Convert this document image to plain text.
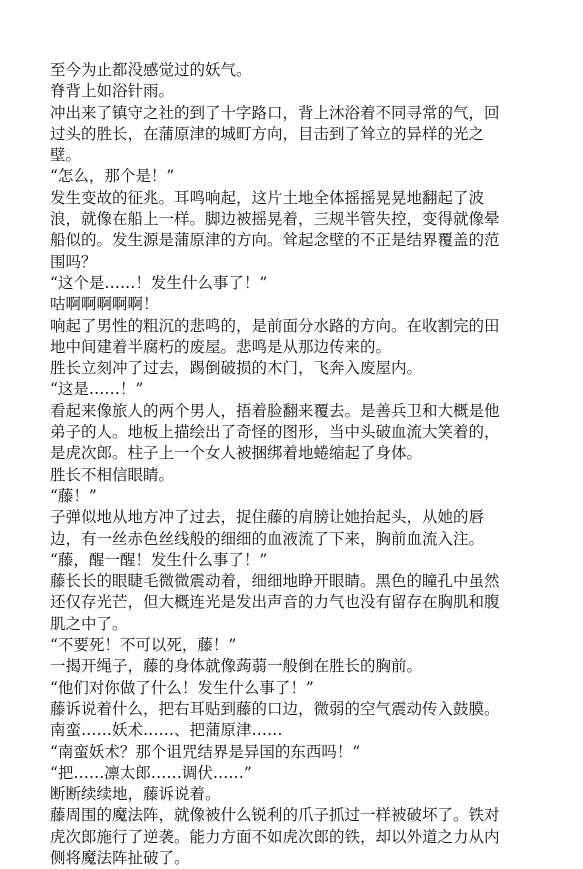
至今为止都没感觉过的妖气。
脊背上如浴针雨。
冲出来了镇守之社的到了十字路口，背上沐浴着不同寻常的气，回
过头的胜长，在蒲原津的城町方向，目击到了耸立的异样的光之
壁。
“怎么，那个是！”
发生变故的征兆。耳鸣响起，这片土地全体摇摇晃晃地翻起了波
浪，就像在船上一样。脚边被摇晃着，三规半管失控，变得就像晕
船似的。发生源是蒲原津的方向。耸起念壁的不正是结界覆盖的范
围吗？
“这个是……！发生什么事了！”
咕啊啊啊啊啊！
响起了男性的粗沉的悲鸣的，是前面分水路的方向。在收割完的田
地中间建着半腐朽的废屋。悲鸣是从那边传来的。
胜长立刻冲了过去，踢倒破损的木门，飞奔入废屋内。
“这是……！”
看起来像旅人的两个男人，捂着脸翻来覆去。是善兵卫和大概是他
弟子的人。地板上描绘出了奇怪的图形，当中头破血流大笑着的，
是虎次郎。柱子上一个女人被捆绑着地蜷缩起了身体。
胜长不相信眼睛。
“藤！”
子弹似地从地方冲了过去，捉住藤的肩膀让她抬起头，从她的唇
边，有一丝赤色丝线般的细细的血液流了下来，胸前血流入注。
“藤，醒一醒！发生什么事了！”
藤长长的眼睫毛微微震动着，细细地睁开眼睛。黑色的瞳孔中虽然
还仅存光芒，但大概连光是发出声音的力气也没有留存在胸肌和腹
肌之中了。
“不要死！不可以死，藤！”
一揭开绳子，藤的身体就像蒟蒻一般倒在胜长的胸前。
“他们对你做了什么！发生什么事了！”
藤诉说着什么，把右耳贴到藤的口边，微弱的空气震动传入鼓膜。
南蛮……妖术……、把蒲原津……
“南蛮妖术？那个诅咒结界是异国的东西吗！”
“把……凛太郎……调伏……”
断断续续地，藤诉说着。
藤周围的魔法阵，就像被什么锐利的爪子抓过一样被破坏了。铁对
虎次郎施行了逆袭。能力方面不如虎次郎的铁，却以外道之力从内
侧将魔法阵扯破了。
